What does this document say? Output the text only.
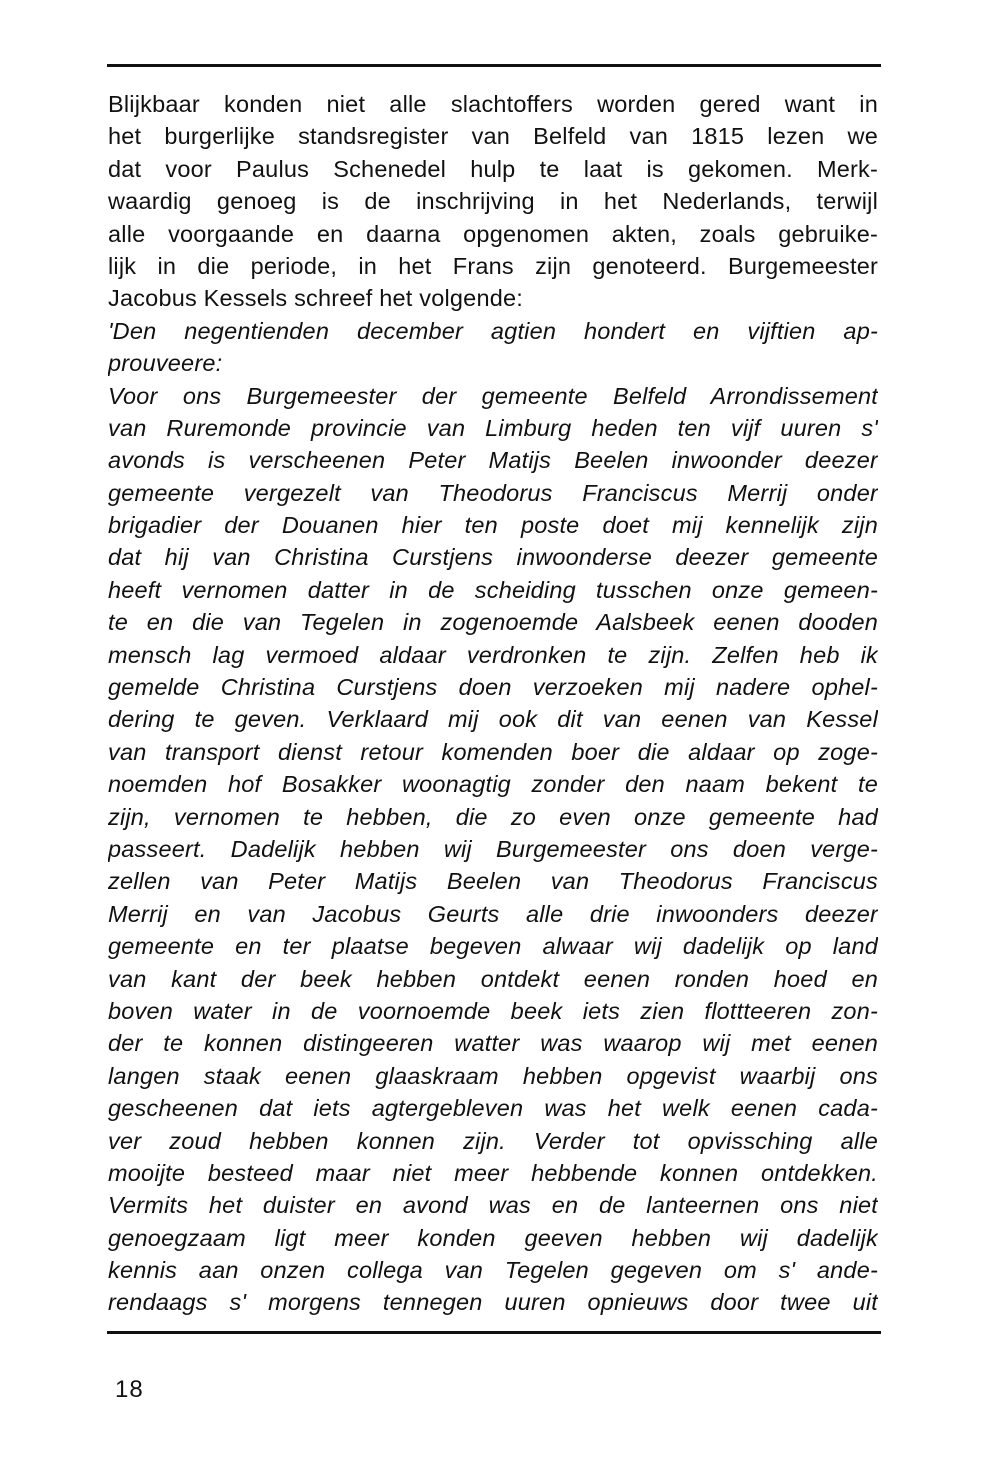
Blijkbaar konden niet alle slachtoffers worden gered want in
het burgerlijke standsregister van Belfeld van 1815 lezen we
dat voor Paulus Schenedel hulp te laat is gekomen. Merk-
waardig genoeg is de inschrijving in het Nederlands, terwijl
alle voorgaande en daarna opgenomen akten, zoals gebruike-
lijk in die periode, in het Frans zijn genoteerd. Burgemeester
Jacobus Kessels schreef het volgende:
'Den negentienden december agtien hondert en vijftien ap-
prouveere:
Voor ons Burgemeester der gemeente Belfeld Arrondissement
van Ruremonde provincie van Limburg heden ten vijf uuren s'
avonds is verscheenen Peter Matijs Beelen inwoonder deezer
gemeente vergezelt van Theodorus Franciscus Merrij onder
brigadier der Douanen hier ten poste doet mij kennelijk zijn
dat hij van Christina Curstjens inwoonderse deezer gemeente
heeft vernomen datter in de scheiding tusschen onze gemeen-
te en die van Tegelen in zogenoemde Aalsbeek eenen dooden
mensch lag vermoed aldaar verdronken te zijn. Zelfen heb ik
gemelde Christina Curstjens doen verzoeken mij nadere ophel-
dering te geven. Verklaard mij ook dit van eenen van Kessel
van transport dienst retour komenden boer die aldaar op zoge-
noemden hof Bosakker woonagtig zonder den naam bekent te
zijn, vernomen te hebben, die zo even onze gemeente had
passeert. Dadelijk hebben wij Burgemeester ons doen verge-
zellen van Peter Matijs Beelen van Theodorus Franciscus
Merrij en van Jacobus Geurts alle drie inwoonders deezer
gemeente en ter plaatse begeven alwaar wij dadelijk op land
van kant der beek hebben ontdekt eenen ronden hoed en
boven water in de voornoemde beek iets zien flottteeren zon-
der te konnen distingeeren watter was waarop wij met eenen
langen staak eenen glaaskraam hebben opgevist waarbij ons
gescheenen dat iets agtergebleven was het welk eenen cada-
ver zoud hebben konnen zijn. Verder tot opvissching alle
mooijte besteed maar niet meer hebbende konnen ontdekken.
Vermits het duister en avond was en de lanteernen ons niet
genoegzaam ligt meer konden geeven hebben wij dadelijk
kennis aan onzen collega van Tegelen gegeven om s' ande-
rendaags s' morgens tennegen uuren opnieuws door twee uit
18
